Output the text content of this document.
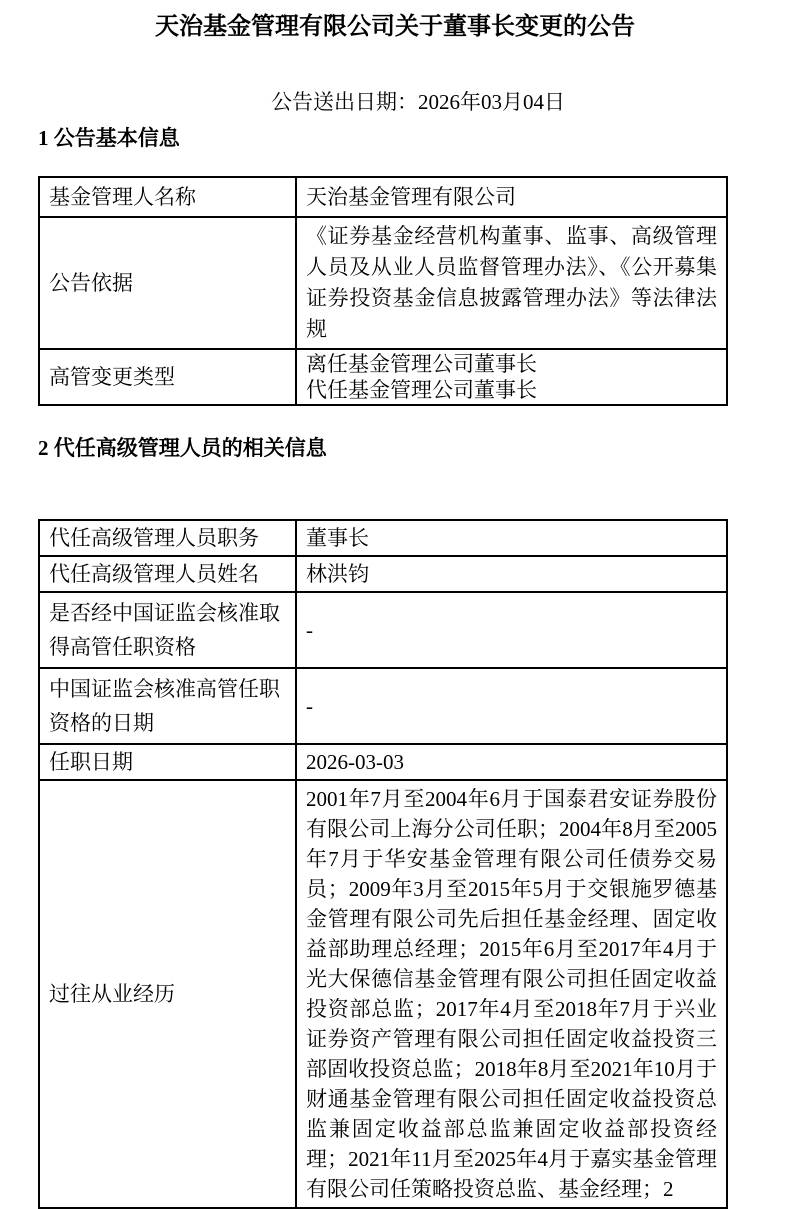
天治基金管理有限公司关于董事长变更的公告
公告送出日期：2026年03月04日
1 公告基本信息
基金管理人名称	天治基金管理有限公司
公告依据	《证券基金经营机构董事、监事、高级管理人员及从业人员监督管理办法》、《公开募集证券投资基金信息披露管理办法》等法律法规
高管变更类型	离任基金管理公司董事长
代任基金管理公司董事长
2 代任高级管理人员的相关信息
代任高级管理人员职务	董事长
代任高级管理人员姓名	林洪钧
是否经中国证监会核准取得高管任职资格	-
中国证监会核准高管任职资格的日期	-
任职日期	2026-03-03
过往从业经历	2001年7月至2004年6月于国泰君安证券股份有限公司上海分公司任职；2004年8月至2005年7月于华安基金管理有限公司任债券交易员；2009年3月至2015年5月于交银施罗德基金管理有限公司先后担任基金经理、固定收益部助理总经理；2015年6月至2017年4月于光大保德信基金管理有限公司担任固定收益投资部总监；2017年4月至2018年7月于兴业证券资产管理有限公司担任固定收益投资三部固收投资总监；2018年8月至2021年10月于财通基金管理有限公司担任固定收益投资总监兼固定收益部总监兼固定收益部投资经理；2021年11月至2025年4月于嘉实基金管理有限公司任策略投资总监、基金经理；2
